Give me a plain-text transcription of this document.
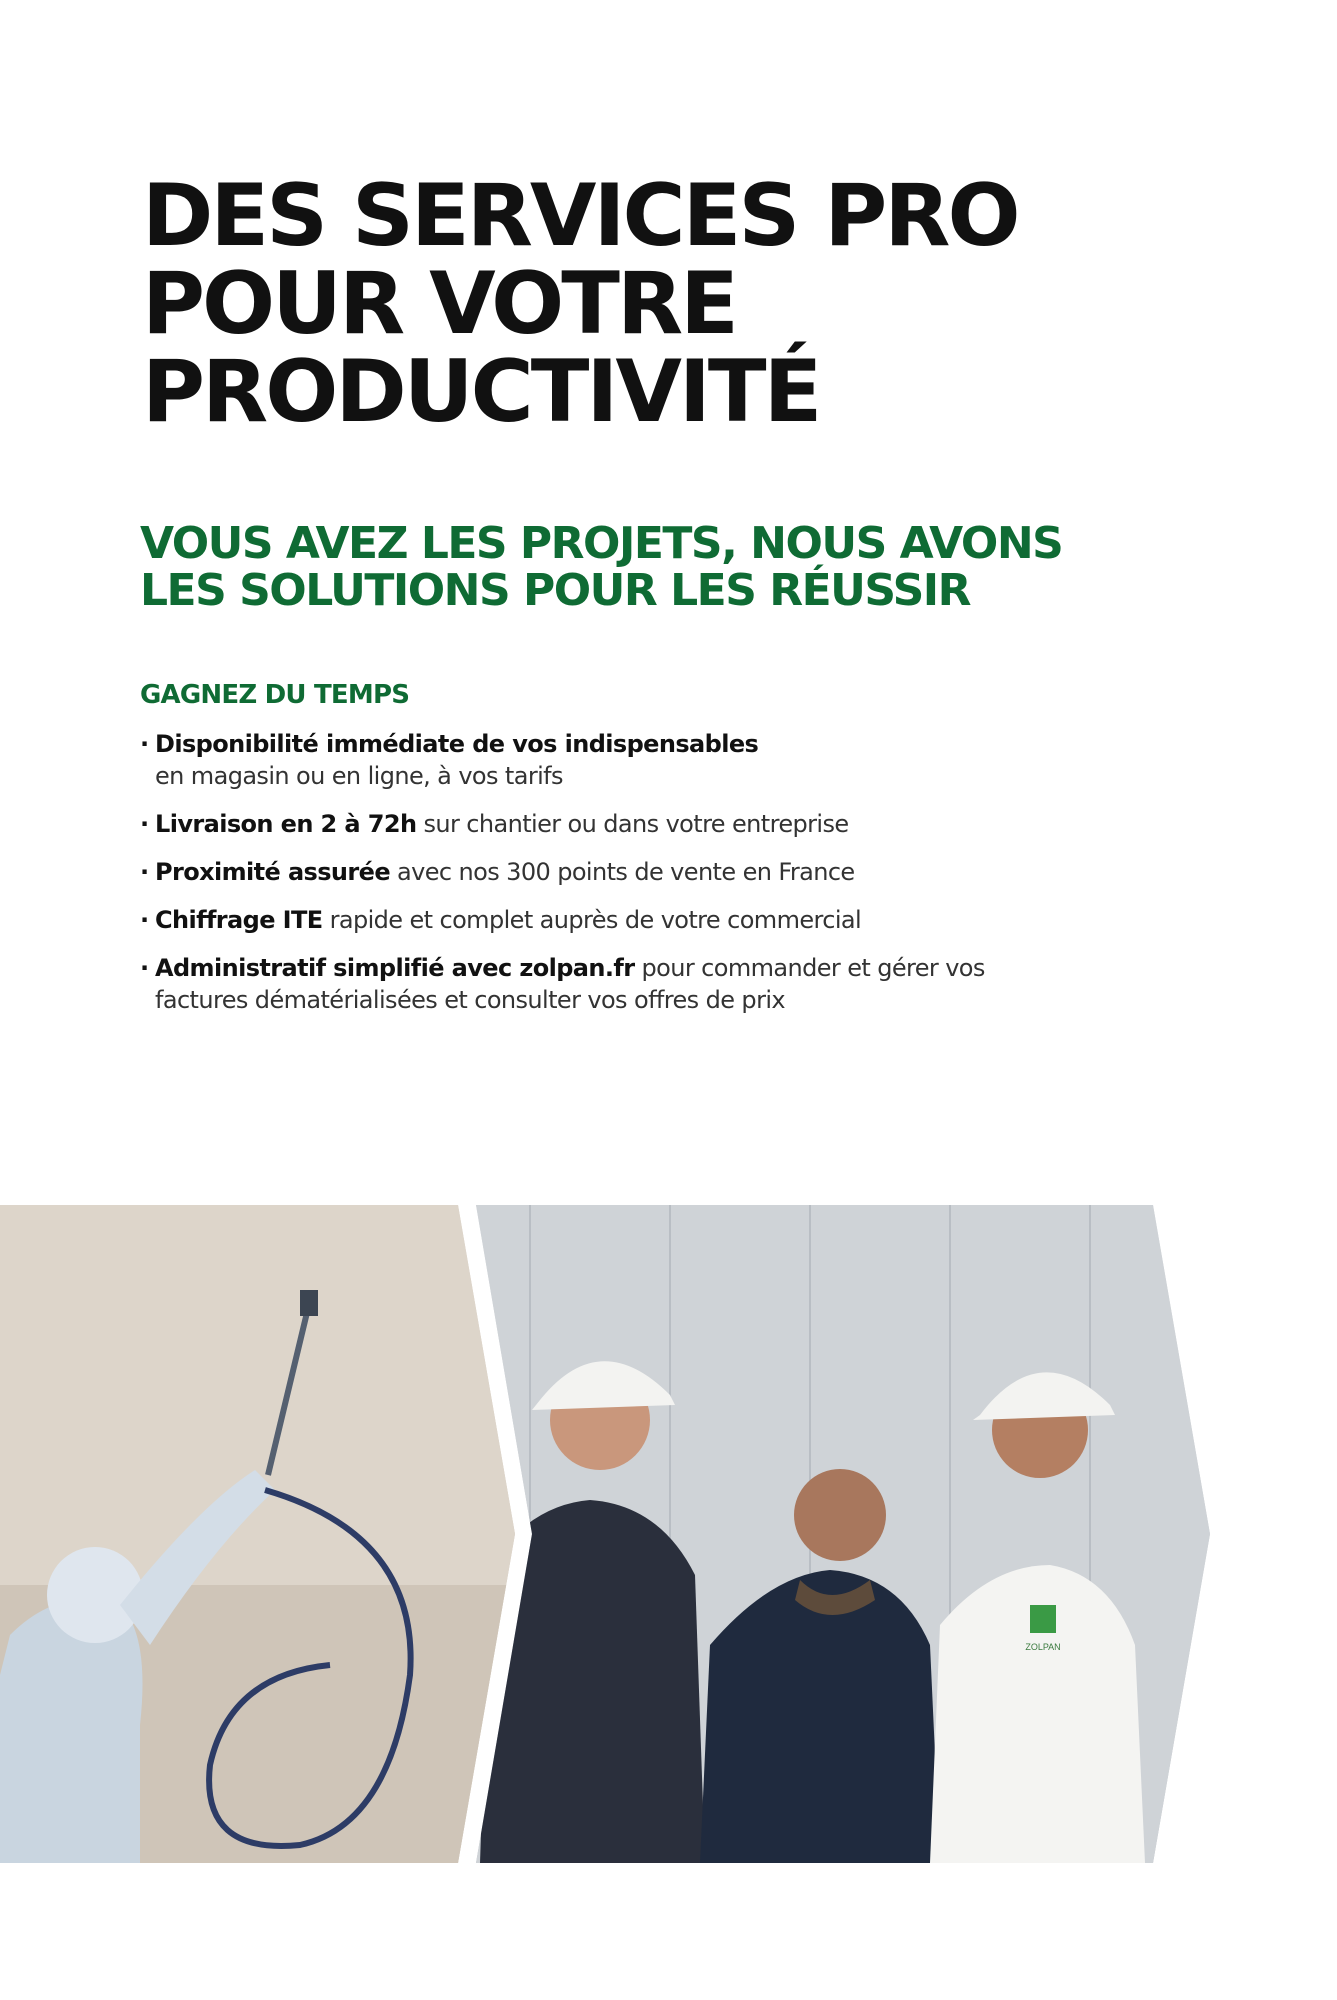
DES SERVICES PRO
POUR VOTRE
PRODUCTIVITÉ
VOUS AVEZ LES PROJETS, NOUS AVONS
LES SOLUTIONS POUR LES RÉUSSIR
GAGNEZ DU TEMPS
· Disponibilité immédiate de vos indispensables
en magasin ou en ligne, à vos tarifs
· Livraison en 2 à 72h sur chantier ou dans votre entreprise
· Proximité assurée avec nos 300 points de vente en France
· Chiffrage ITE rapide et complet auprès de votre commercial
· Administratif simplifié avec zolpan.fr pour commander et gérer vos factures dématérialisées et consulter vos offres de prix
ZOLPAN
